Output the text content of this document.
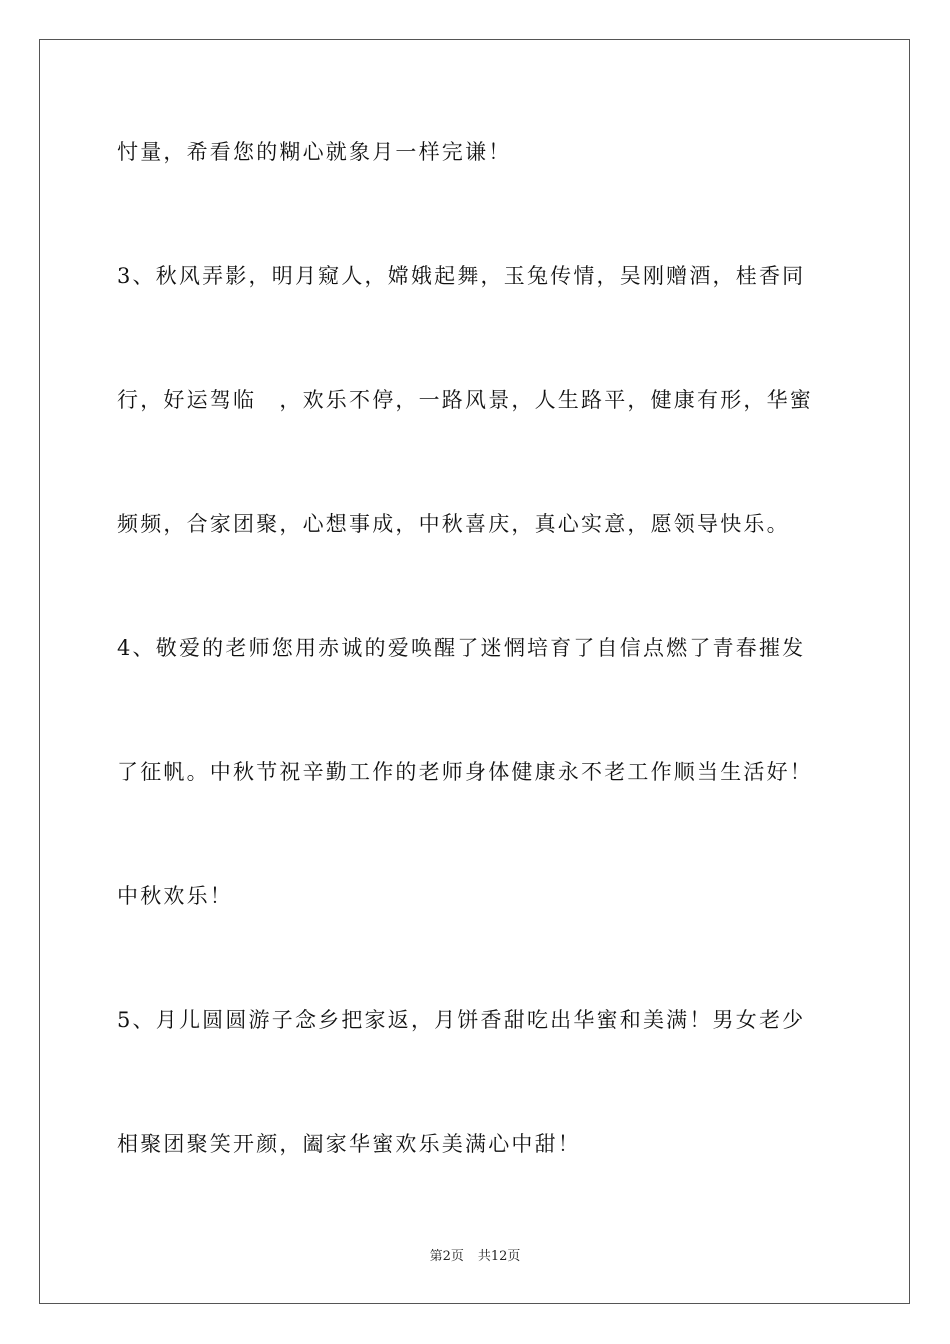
忖量，希看您的糊心就象月一样完谦！
3、秋风弄影，明月窥人，嫦娥起舞，玉兔传情，吴刚赠酒，桂香同
行，好运驾临　，欢乐不停，一路风景，人生路平，健康有形，华蜜
频频，合家团聚，心想事成，中秋喜庆，真心实意，愿领导快乐。
4、敬爱的老师您用赤诚的爱唤醒了迷惘培育了自信点燃了青春摧发
了征帆。中秋节祝辛勤工作的老师身体健康永不老工作顺当生活好！
中秋欢乐！
5、月儿圆圆游子念乡把家返，月饼香甜吃出华蜜和美满！男女老少
相聚团聚笑开颜，阖家华蜜欢乐美满心中甜！
第2页 共12页
